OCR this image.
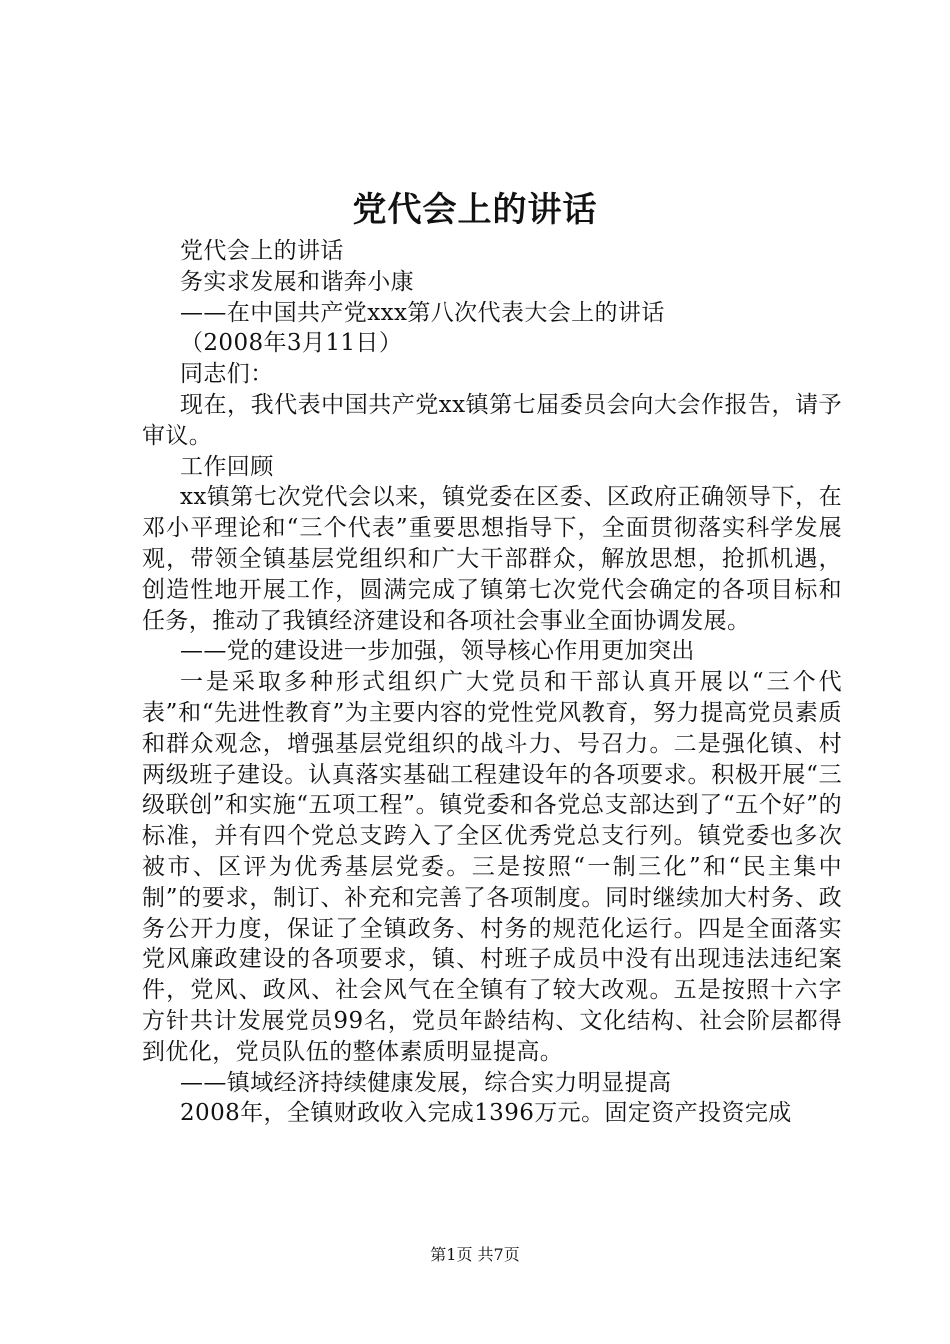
党代会上的讲话

党代会上的讲话

务实求发展和谐奔小康

——在中国共产党xxx第八次代表大会上的讲话

（2008年3月11日）

同志们：

现在，我代表中国共产党xx镇第七届委员会向大会作报告，请予审议。

工作回顾

xx镇第七次党代会以来，镇党委在区委、区政府正确领导下，在邓小平理论和“三个代表”重要思想指导下，全面贯彻落实科学发展观，带领全镇基层党组织和广大干部群众，解放思想，抢抓机遇，创造性地开展工作，圆满完成了镇第七次党代会确定的各项目标和任务，推动了我镇经济建设和各项社会事业全面协调发展。

——党的建设进一步加强，领导核心作用更加突出

一是采取多种形式组织广大党员和干部认真开展以“三个代表”和“先进性教育”为主要内容的党性党风教育，努力提高党员素质和群众观念，增强基层党组织的战斗力、号召力。二是强化镇、村两级班子建设。认真落实基础工程建设年的各项要求。积极开展“三级联创”和实施“五项工程”。镇党委和各党总支部达到了“五个好”的标准，并有四个党总支跨入了全区优秀党总支行列。镇党委也多次被市、区评为优秀基层党委。三是按照“一制三化”和“民主集中制”的要求，制订、补充和完善了各项制度。同时继续加大村务、政务公开力度，保证了全镇政务、村务的规范化运行。四是全面落实党风廉政建设的各项要求，镇、村班子成员中没有出现违法违纪案件，党风、政风、社会风气在全镇有了较大改观。五是按照十六字方针共计发展党员99名，党员年龄结构、文化结构、社会阶层都得到优化，党员队伍的整体素质明显提高。

——镇域经济持续健康发展，综合实力明显提高

2008年，全镇财政收入完成1396万元。固定资产投资完成

第1页 共7页
